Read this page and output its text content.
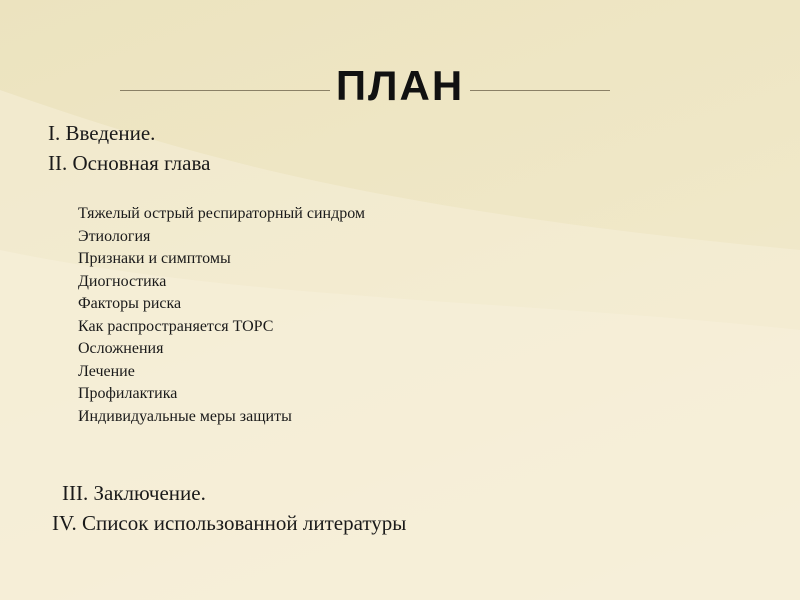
ПЛАН

I. Введение.

II. Основная глава

Тяжелый острый респираторный синдром
Этиология
Признаки и симптомы
Диогностика
Факторы риска
Как распространяется ТОРС
Осложнения
Лечение
Профилактика
Индивидуальные меры защиты

III. Заключение.

IV. Список использованной литературы
